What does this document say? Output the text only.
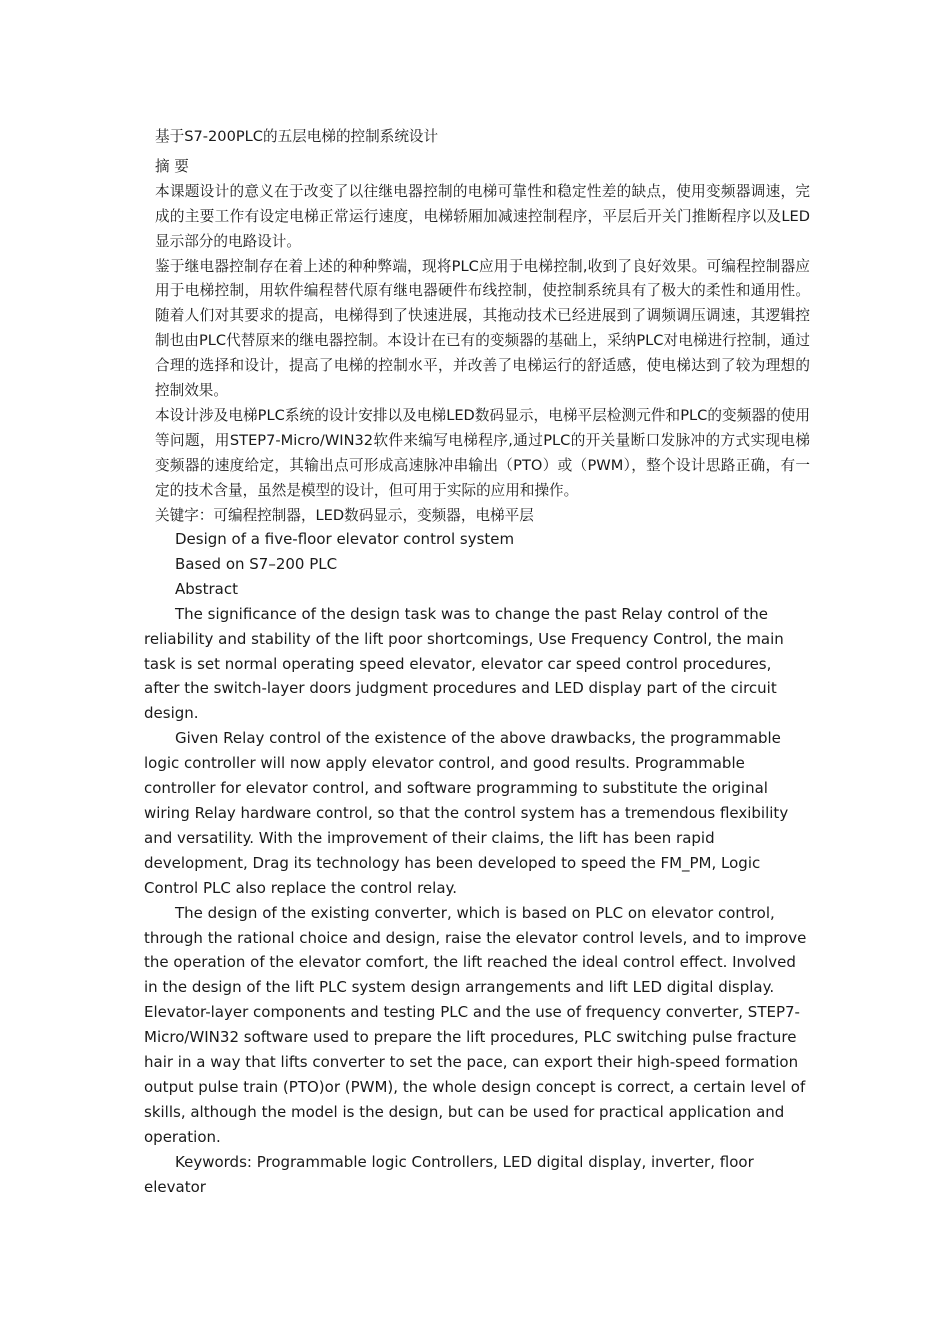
基于S7-200PLC的五层电梯的控制系统设计

摘 要

本课题设计的意义在于改变了以往继电器控制的电梯可靠性和稳定性差的缺点，使用变频器调速，完成的主要工作有设定电梯正常运行速度，电梯轿厢加减速控制程序，平层后开关门推断程序以及LED显示部分的电路设计。

鉴于继电器控制存在着上述的种种弊端，现将PLC应用于电梯控制,收到了良好效果。可编程控制器应用于电梯控制，用软件编程替代原有继电器硬件布线控制，使控制系统具有了极大的柔性和通用性。随着人们对其要求的提高，电梯得到了快速进展，其拖动技术已经进展到了调频调压调速，其逻辑控制也由PLC代替原来的继电器控制。本设计在已有的变频器的基础上，采纳PLC对电梯进行控制，通过合理的选择和设计，提高了电梯的控制水平，并改善了电梯运行的舒适感，使电梯达到了较为理想的控制效果。

本设计涉及电梯PLC系统的设计安排以及电梯LED数码显示，电梯平层检测元件和PLC的变频器的使用等问题，用STEP7-Micro/WIN32软件来编写电梯程序,通过PLC的开关量断口发脉冲的方式实现电梯变频器的速度给定，其输出点可形成高速脉冲串输出（PTO）或（PWM），整个设计思路正确，有一定的技术含量，虽然是模型的设计，但可用于实际的应用和操作。

关键字：可编程控制器，LED数码显示，变频器，电梯平层

Design of a five-floor elevator control system

Based on S7–200 PLC

Abstract

The significance of the design task was to change the past Relay control of the reliability and stability of the lift poor shortcomings, Use Frequency Control, the main task is set normal operating speed elevator, elevator car speed control procedures, after the switch-layer doors judgment procedures and LED display part of the circuit design.

Given Relay control of the existence of the above drawbacks, the programmable logic controller will now apply elevator control, and good results. Programmable controller for elevator control, and software programming to substitute the original wiring Relay hardware control, so that the control system has a tremendous flexibility and versatility. With the improvement of their claims, the lift has been rapid development, Drag its technology has been developed to speed the FM_PM, Logic Control PLC also replace the control relay.

The design of the existing converter, which is based on PLC on elevator control, through the rational choice and design, raise the elevator control levels, and to improve the operation of the elevator comfort, the lift reached the ideal control effect. Involved in the design of the lift PLC system design arrangements and lift LED digital display. Elevator-layer components and testing PLC and the use of frequency converter, STEP7-Micro/WIN32 software used to prepare the lift procedures, PLC switching pulse fracture hair in a way that lifts converter to set the pace, can export their high-speed formation output pulse train (PTO)or (PWM), the whole design concept is correct, a certain level of skills, although the model is the design, but can be used for practical application and operation.

Keywords: Programmable logic Controllers, LED digital display, inverter, floor elevator
